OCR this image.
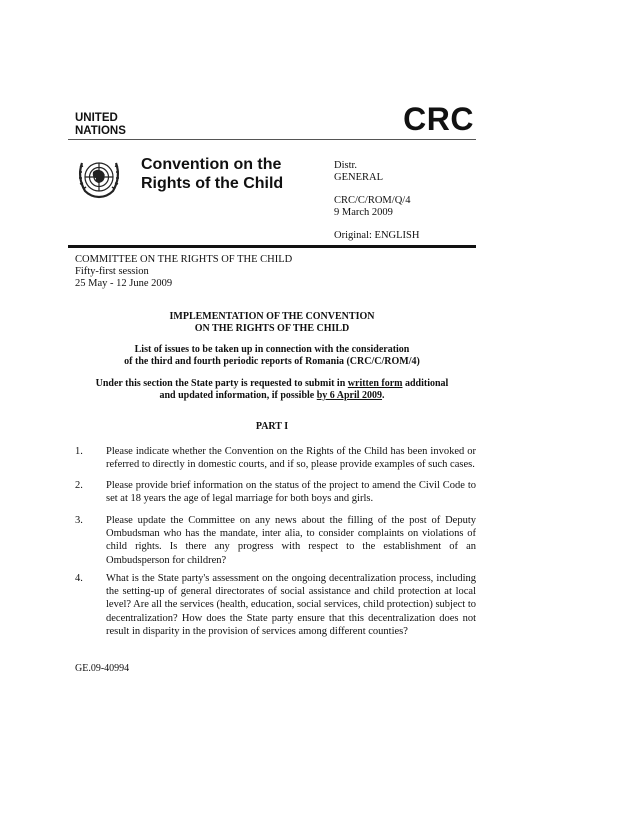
UNITED
NATIONS	CRC
Convention on the
Rights of the Child
Distr.
GENERAL
CRC/C/ROM/Q/4
9 March 2009
Original: ENGLISH
COMMITTEE ON THE RIGHTS OF THE CHILD
Fifty-first session
25 May - 12 June 2009
IMPLEMENTATION OF THE CONVENTION
ON THE RIGHTS OF THE CHILD
List of issues to be taken up in connection with the consideration
of the third and fourth periodic reports of Romania (CRC/C/ROM/4)
Under this section the State party is requested to submit in written form additional
and updated information, if possible by 6 April 2009.
PART I
1. Please indicate whether the Convention on the Rights of the Child has been invoked or referred to directly in domestic courts, and if so, please provide examples of such cases.
2. Please provide brief information on the status of the project to amend the Civil Code to set at 18 years the age of legal marriage for both boys and girls.
3. Please update the Committee on any news about the filling of the post of Deputy Ombudsman who has the mandate, inter alia, to consider complaints on violations of child rights. Is there any progress with respect to the establishment of an Ombudsperson for children?
4. What is the State party's assessment on the ongoing decentralization process, including the setting-up of general directorates of social assistance and child protection at local level? Are all the services (health, education, social services, child protection) subject to decentralization? How does the State party ensure that this decentralization does not result in disparity in the provision of services among different counties?
GE.09-40994
